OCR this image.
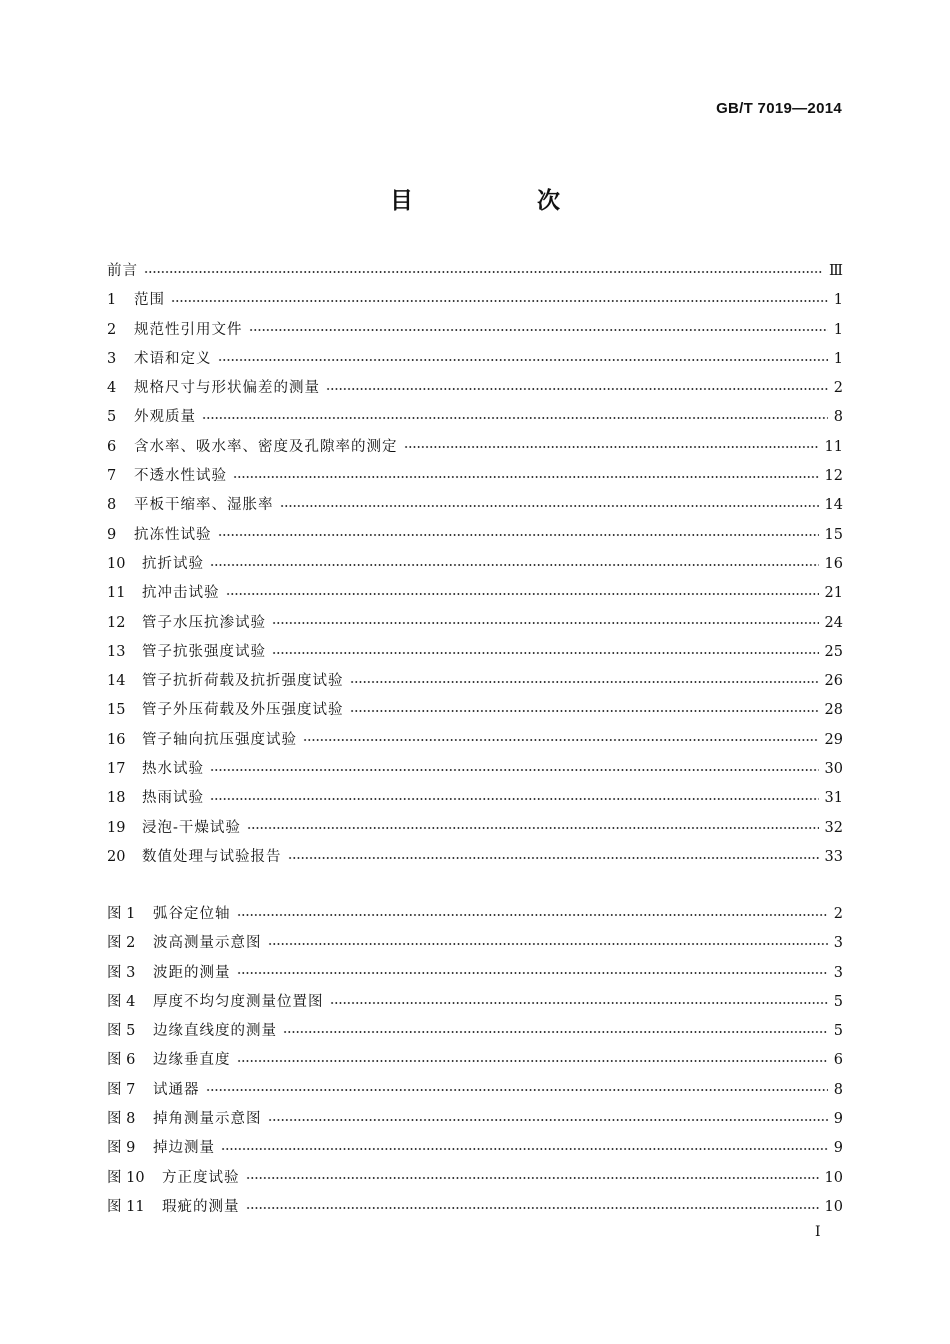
GB/T 7019—2014
目 次
前言	Ⅲ
1	范围	1
2	规范性引用文件	1
3	术语和定义	1
4	规格尺寸与形状偏差的测量	2
5	外观质量	8
6	含水率、吸水率、密度及孔隙率的测定	11
7	不透水性试验	12
8	平板干缩率、湿胀率	14
9	抗冻性试验	15
10	抗折试验	16
11	抗冲击试验	21
12	管子水压抗渗试验	24
13	管子抗张强度试验	25
14	管子抗折荷载及抗折强度试验	26
15	管子外压荷载及外压强度试验	28
16	管子轴向抗压强度试验	29
17	热水试验	30
18	热雨试验	31
19	浸泡-干燥试验	32
20	数值处理与试验报告	33
图 1	弧谷定位轴	2
图 2	波高测量示意图	3
图 3	波距的测量	3
图 4	厚度不均匀度测量位置图	5
图 5	边缘直线度的测量	5
图 6	边缘垂直度	6
图 7	试通器	8
图 8	掉角测量示意图	9
图 9	掉边测量	9
图 10	方正度试验	10
图 11	瑕疵的测量	10
I
